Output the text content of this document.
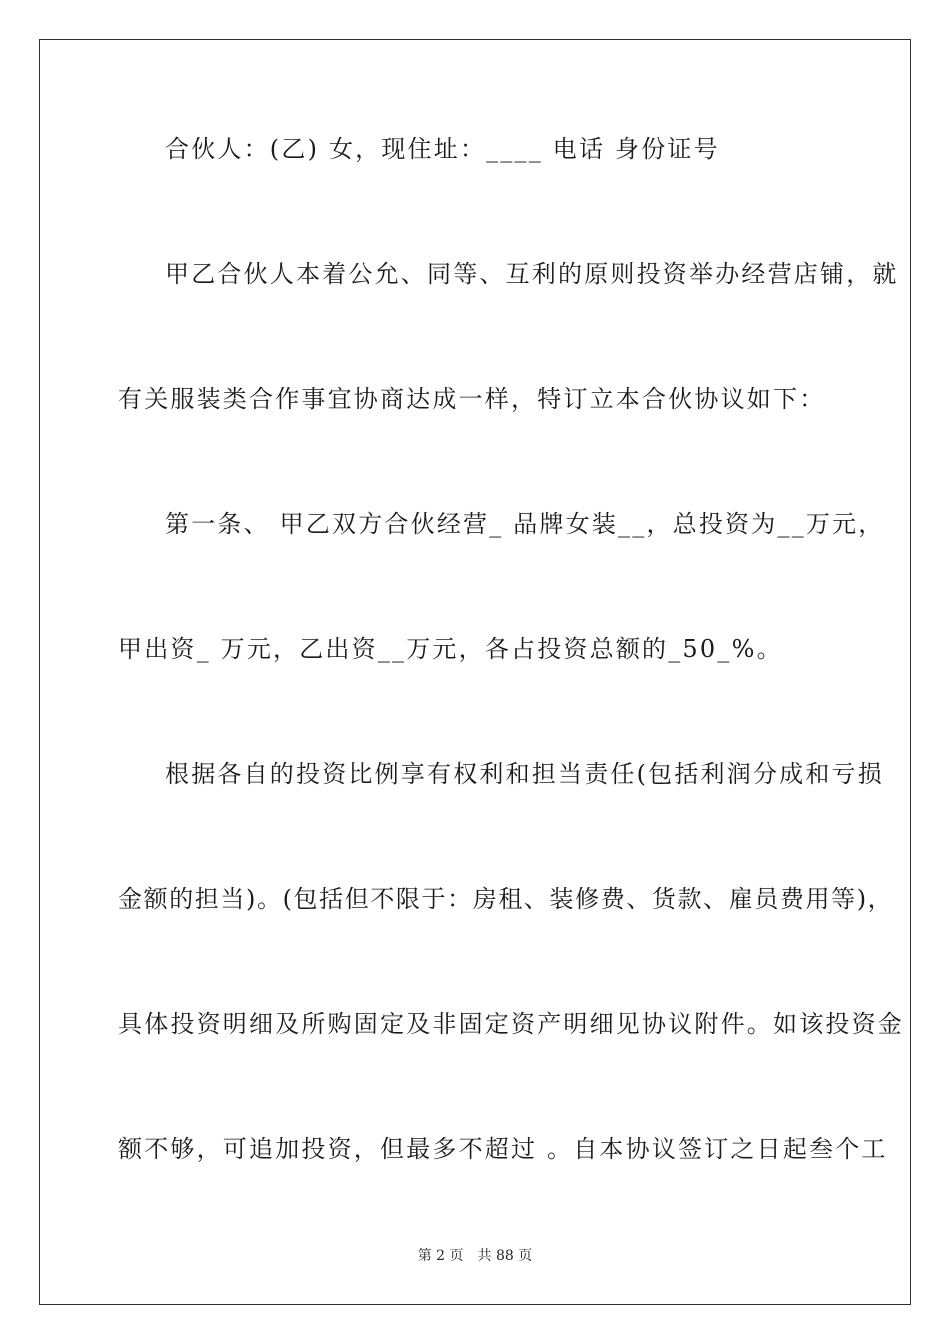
合伙人：(乙) 女，现住址：____ 电话 身份证号
甲乙合伙人本着公允、同等、互利的原则投资举办经营店铺，就
有关服装类合作事宜协商达成一样，特订立本合伙协议如下：
第一条、 甲乙双方合伙经营_ 品牌女装__，总投资为__万元，
甲出资_ 万元，乙出资__万元，各占投资总额的_50_%。
根据各自的投资比例享有权利和担当责任(包括利润分成和亏损
金额的担当)。(包括但不限于：房租、装修费、货款、雇员费用等)，
具体投资明细及所购固定及非固定资产明细见协议附件。如该投资金
额不够，可追加投资，但最多不超过 。自本协议签订之日起叁个工
第 2 页 共 88 页
